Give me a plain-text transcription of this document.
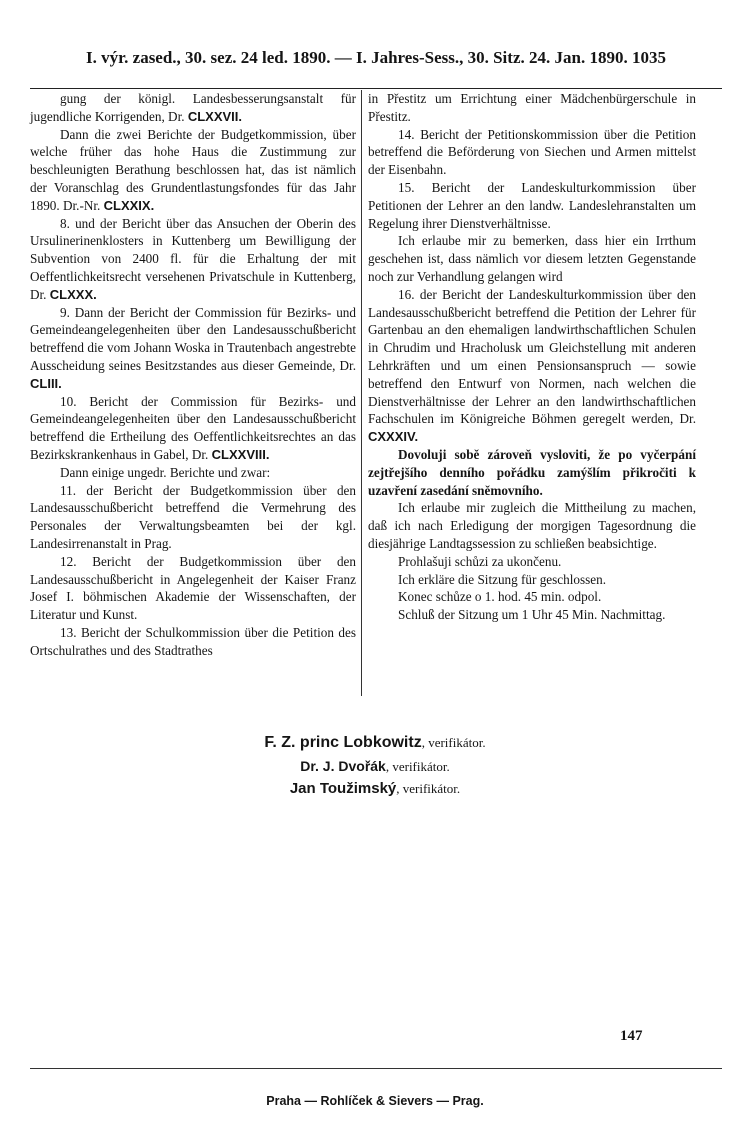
I. výr. zased., 30. sez. 24 led. 1890. — I. Jahres-Sess., 30. Sitz. 24. Jan. 1890. 1035

gung der königl. Landesbesserungsanstalt für jugendliche Korrigenden, Dr. CLXXVII.

Dann die zwei Berichte der Budgetkommission, über welche früher das hohe Haus die Zustimmung zur beschleunigten Berathung beschlossen hat, das ist nämlich der Voranschlag des Grundentlastungsfondes für das Jahr 1890. Dr.-Nr. CLXXIX.

8. und der Bericht über das Ansuchen der Oberin des Ursulinerinenklosters in Kuttenberg um Bewilligung der Subvention von 2400 fl. für die Erhaltung der mit Oeffentlichkeitsrecht versehenen Privatschule in Kuttenberg, Dr. CLXXX.

9. Dann der Bericht der Commission für Bezirks- und Gemeindeangelegenheiten über den Landesausschußbericht betreffend die vom Johann Woska in Trautenbach angestrebte Ausscheidung seines Besitzstandes aus dieser Gemeinde, Dr. CLIII.

10. Bericht der Commission für Bezirks- und Gemeindeangelegenheiten über den Landesausschußbericht betreffend die Ertheilung des Oeffentlichkeitsrechtes an das Bezirkskrankenhaus in Gabel, Dr. CLXXVIII.

Dann einige ungedr. Berichte und zwar:

11. der Bericht der Budgetkommission über den Landesausschußbericht betreffend die Vermehrung des Personales der Verwaltungsbeamten bei der kgl. Landesirrenanstalt in Prag.

12. Bericht der Budgetkommission über den Landesausschußbericht in Angelegenheit der Kaiser Franz Josef I. böhmischen Akademie der Wissenschaften, der Literatur und Kunst.

13. Bericht der Schulkommission über die Petition des Ortschulrathes und des Stadtrathes

in Přestitz um Errichtung einer Mädchenbürgerschule in Přestitz.

14. Bericht der Petitionskommission über die Petition betreffend die Beförderung von Siechen und Armen mittelst der Eisenbahn.

15. Bericht der Landeskulturkommission über Petitionen der Lehrer an den landw. Landeslehranstalten um Regelung ihrer Dienstverhältnisse.

Ich erlaube mir zu bemerken, dass hier ein Irrthum geschehen ist, dass nämlich vor diesem letzten Gegenstande noch zur Verhandlung gelangen wird

16. der Bericht der Landeskulturkommission über den Landesausschußbericht betreffend die Petition der Lehrer für Gartenbau an den ehemaligen landwirthschaftlichen Schulen in Chrudim und Hracholusk um Gleichstellung mit anderen Lehrkräften und um einen Pensionsanspruch — sowie betreffend den Entwurf von Normen, nach welchen die Dienstverhältnisse der Lehrer an den landwirthschaftlichen Fachschulen im Königreiche Böhmen geregelt werden, Dr. CXXXIV.

Dovoluji sobě zároveň vysloviti, že po vyčerpání zejtřejšího denního pořádku zamýšlím přikročiti k uzavření zasedání sněmovního.

Ich erlaube mir zugleich die Mittheilung zu machen, daß ich nach Erledigung der morgigen Tagesordnung die diesjährige Landtagssession zu schließen beabsichtige.

Prohlašuji schůzi za ukončenu.

Ich erkläre die Sitzung für geschlossen.

Konec schůze o 1. hod. 45 min. odpol.

Schluß der Sitzung um 1 Uhr 45 Min. Nachmittag.

F. Z. princ Lobkowitz, verifikátor.
Dr. J. Dvořák, verifikátor.
Jan Toužimský, verifikátor.
147
Praha — Rohlíček & Sievers — Prag.
